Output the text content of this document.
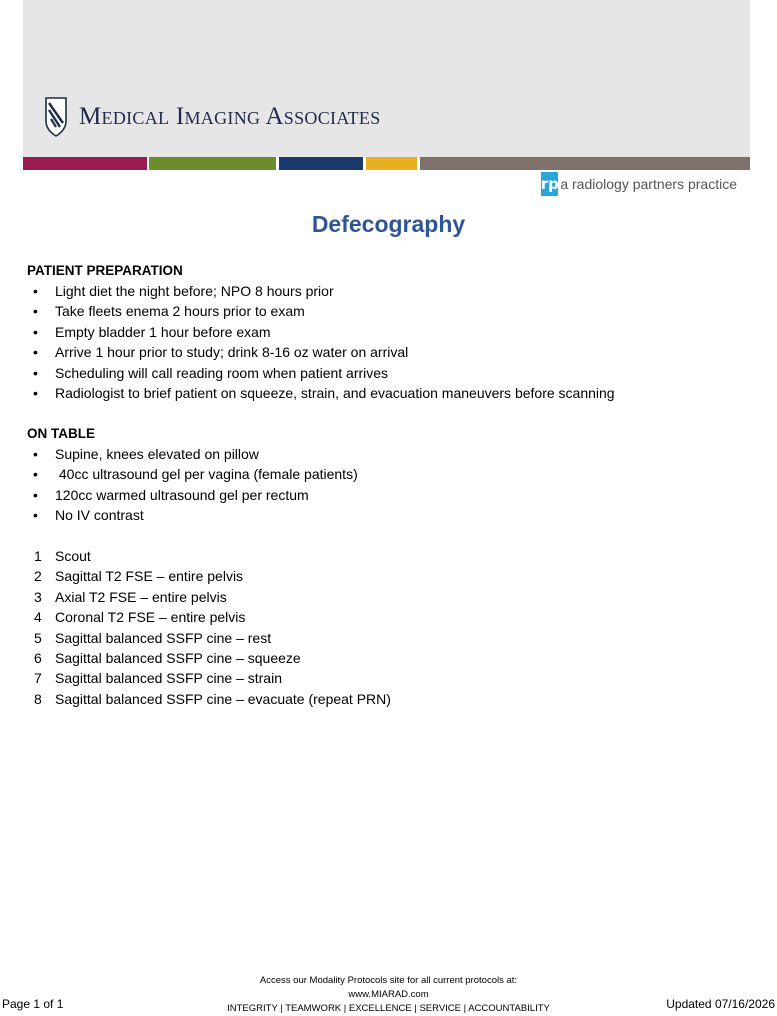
Medical Imaging Associates
rp a radiology partners practice
Defecography
PATIENT PREPARATION
• Light diet the night before; NPO 8 hours prior
• Take fleets enema 2 hours prior to exam
• Empty bladder 1 hour before exam
• Arrive 1 hour prior to study; drink 8-16 oz water on arrival
• Scheduling will call reading room when patient arrives
• Radiologist to brief patient on squeeze, strain, and evacuation maneuvers before scanning
ON TABLE
• Supine, knees elevated on pillow
• 40cc ultrasound gel per vagina (female patients)
• 120cc warmed ultrasound gel per rectum
• No IV contrast
1 Scout
2 Sagittal T2 FSE – entire pelvis
3 Axial T2 FSE – entire pelvis
4 Coronal T2 FSE – entire pelvis
5 Sagittal balanced SSFP cine – rest
6 Sagittal balanced SSFP cine – squeeze
7 Sagittal balanced SSFP cine – strain
8 Sagittal balanced SSFP cine – evacuate (repeat PRN)
Access our Modality Protocols site for all current protocols at:
www.MIARAD.com
INTEGRITY | TEAMWORK | EXCELLENCE | SERVICE | ACCOUNTABILITY
Page 1 of 1	Updated 07/16/2026
